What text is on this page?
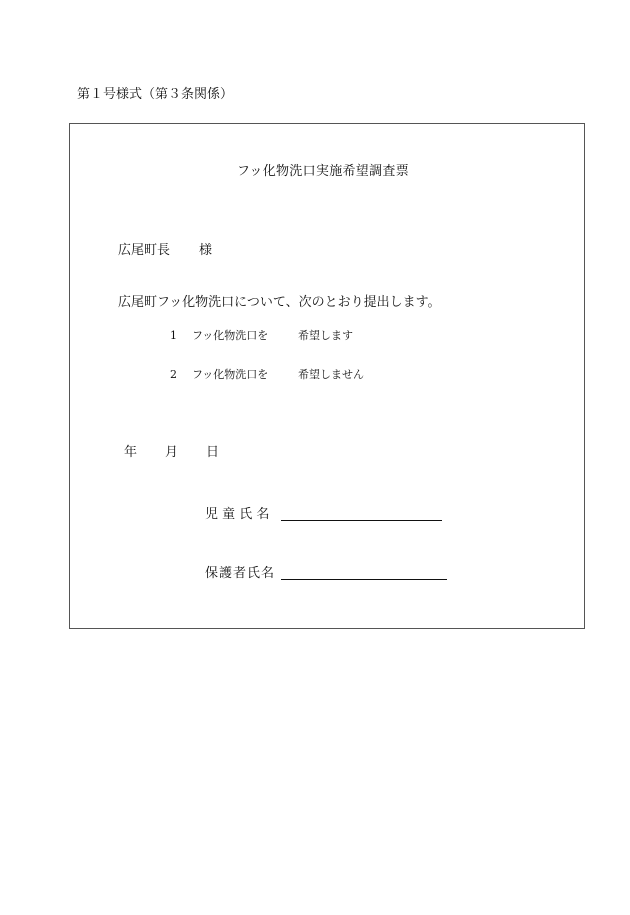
第１号様式（第３条関係）
フッ化物洗口実施希望調査票
広尾町長 様
広尾町フッ化物洗口について、次のとおり提出します。
1 フッ化物洗口を	希望します
2 フッ化物洗口を	希望しません
年 月 日
児 童 氏 名
保護者氏名
